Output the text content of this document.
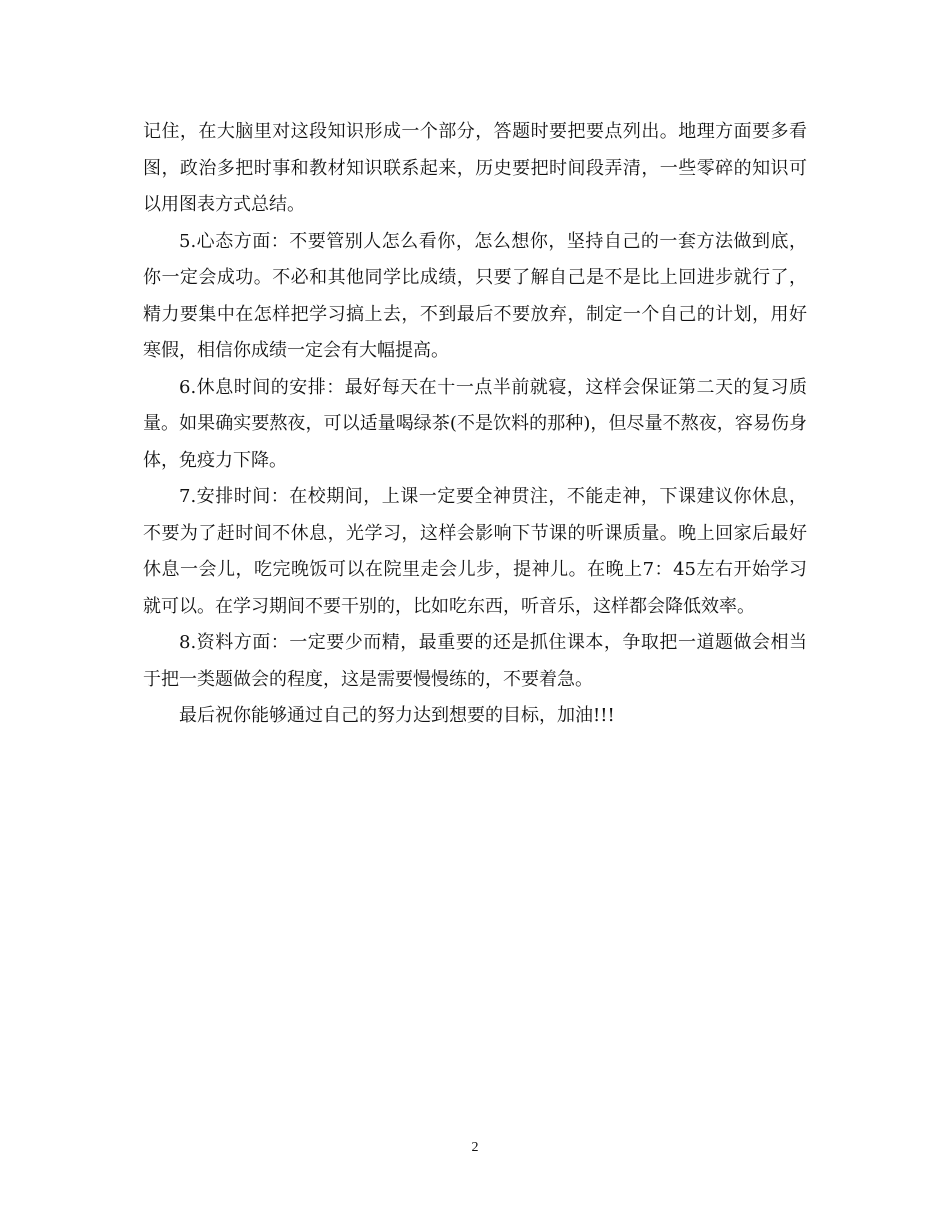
记住，在大脑里对这段知识形成一个部分，答题时要把要点列出。地理方面要多看图，政治多把时事和教材知识联系起来，历史要把时间段弄清，一些零碎的知识可以用图表方式总结。

5.心态方面：不要管别人怎么看你，怎么想你，坚持自己的一套方法做到底，你一定会成功。不必和其他同学比成绩，只要了解自己是不是比上回进步就行了，精力要集中在怎样把学习搞上去，不到最后不要放弃，制定一个自己的计划，用好寒假，相信你成绩一定会有大幅提高。

6.休息时间的安排：最好每天在十一点半前就寝，这样会保证第二天的复习质量。如果确实要熬夜，可以适量喝绿茶(不是饮料的那种)，但尽量不熬夜，容易伤身体，免疫力下降。

7.安排时间：在校期间，上课一定要全神贯注，不能走神，下课建议你休息，不要为了赶时间不休息，光学习，这样会影响下节课的听课质量。晚上回家后最好休息一会儿，吃完晚饭可以在院里走会儿步，提神儿。在晚上7：45左右开始学习就可以。在学习期间不要干别的，比如吃东西，听音乐，这样都会降低效率。

8.资料方面：一定要少而精，最重要的还是抓住课本，争取把一道题做会相当于把一类题做会的程度，这是需要慢慢练的，不要着急。

最后祝你能够通过自己的努力达到想要的目标，加油!!!

2
